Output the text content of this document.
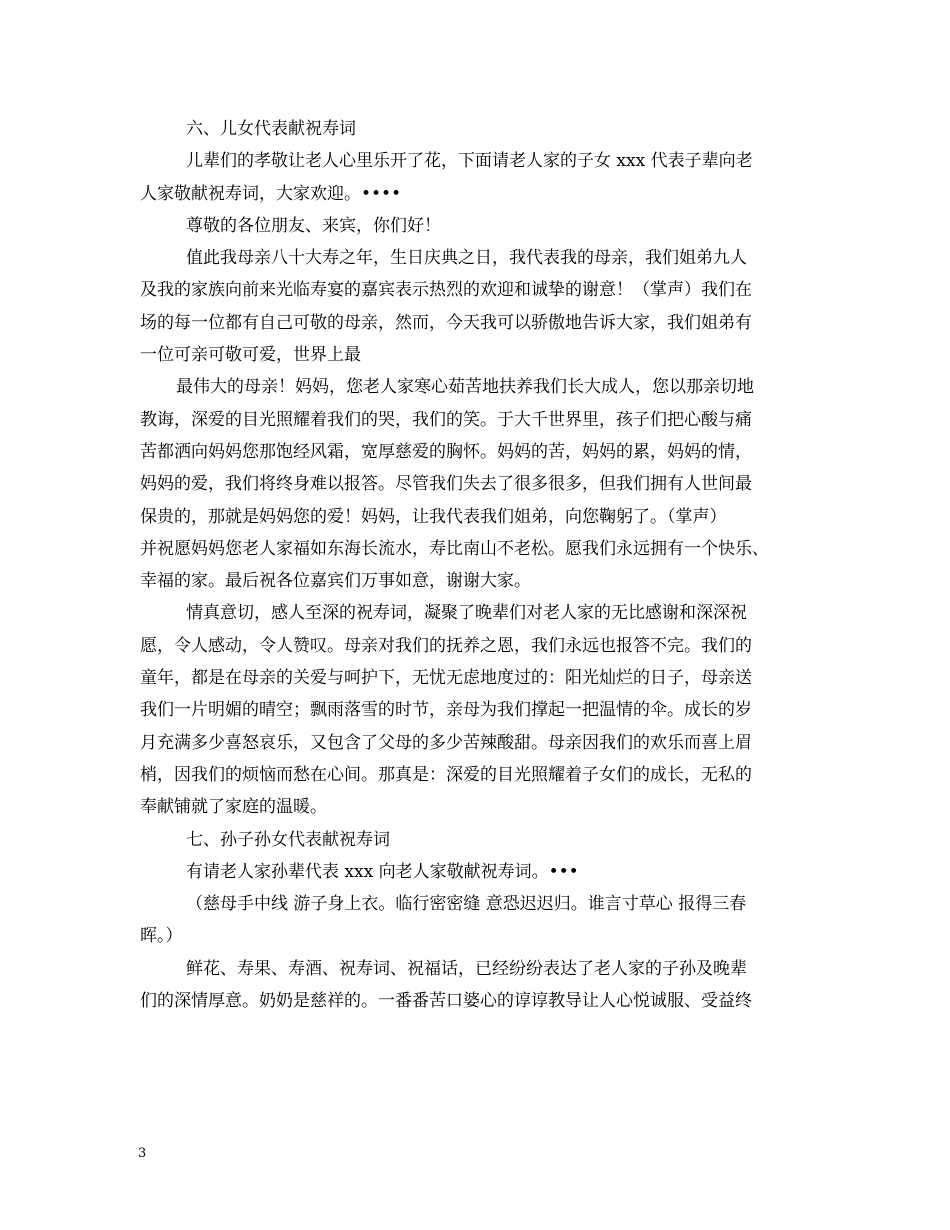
六、儿女代表献祝寿词
儿辈们的孝敬让老人心里乐开了花，下面请老人家的子女 xxx 代表子辈向老
人家敬献祝寿词，大家欢迎。••••
尊敬的各位朋友、来宾，你们好！
值此我母亲八十大寿之年，生日庆典之日，我代表我的母亲，我们姐弟九人
及我的家族向前来光临寿宴的嘉宾表示热烈的欢迎和诚挚的谢意！（掌声）我们在
场的每一位都有自己可敬的母亲，然而，今天我可以骄傲地告诉大家，我们姐弟有
一位可亲可敬可爱，世界上最
最伟大的母亲！妈妈，您老人家寒心茹苦地扶养我们长大成人，您以那亲切地
教诲，深爱的目光照耀着我们的哭，我们的笑。于大千世界里，孩子们把心酸与痛
苦都洒向妈妈您那饱经风霜，宽厚慈爱的胸怀。妈妈的苦，妈妈的累，妈妈的情，
妈妈的爱，我们将终身难以报答。尽管我们失去了很多很多，但我们拥有人世间最
保贵的，那就是妈妈您的爱！妈妈，让我代表我们姐弟，向您鞠躬了。（掌声）
并祝愿妈妈您老人家福如东海长流水，寿比南山不老松。愿我们永远拥有一个快乐、
幸福的家。最后祝各位嘉宾们万事如意，谢谢大家。
情真意切，感人至深的祝寿词，凝聚了晚辈们对老人家的无比感谢和深深祝
愿，令人感动，令人赞叹。母亲对我们的抚养之恩，我们永远也报答不完。我们的
童年，都是在母亲的关爱与呵护下，无忧无虑地度过的：阳光灿烂的日子，母亲送
我们一片明媚的晴空；飘雨落雪的时节，亲母为我们撑起一把温情的伞。成长的岁
月充满多少喜怒哀乐，又包含了父母的多少苦辣酸甜。母亲因我们的欢乐而喜上眉
梢，因我们的烦恼而愁在心间。那真是：深爱的目光照耀着子女们的成长，无私的
奉献铺就了家庭的温暖。
七、孙子孙女代表献祝寿词
有请老人家孙辈代表 xxx 向老人家敬献祝寿词。•••
（慈母手中线 游子身上衣。临行密密缝 意恐迟迟归。谁言寸草心 报得三春
晖。）
鲜花、寿果、寿酒、祝寿词、祝福话，已经纷纷表达了老人家的子孙及晚辈
们的深情厚意。奶奶是慈祥的。一番番苦口婆心的谆谆教导让人心悦诚服、受益终
3
